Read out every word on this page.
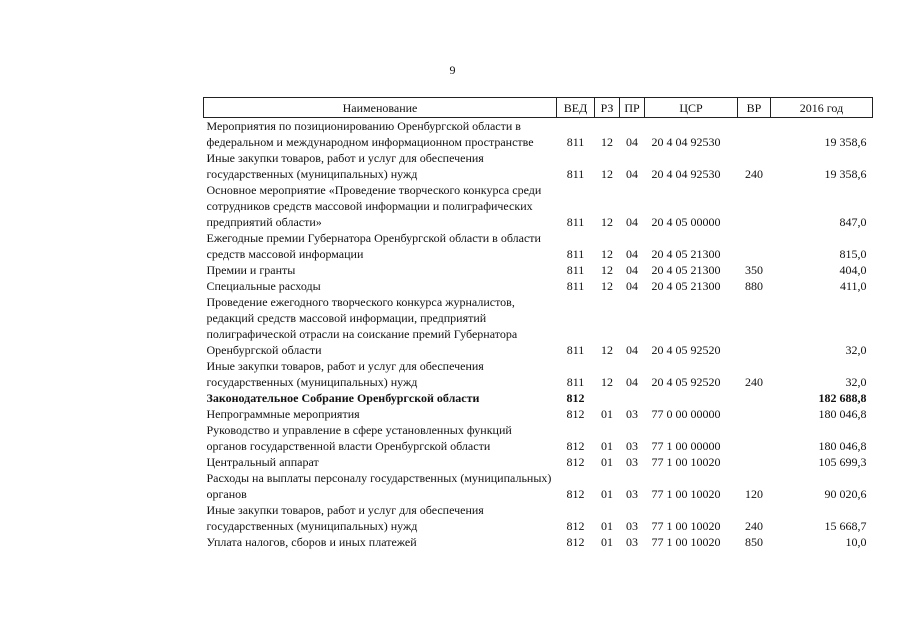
9
Наименование	ВЕД	РЗ	ПР	ЦСР	ВР	2016 год
Мероприятия по позиционированию Оренбургской области в федеральном и международном информационном пространстве	811	12	04	20 4 04 92530		19 358,6
Иные закупки товаров, работ и услуг для обеспечения государственных (муниципальных) нужд	811	12	04	20 4 04 92530	240	19 358,6
Основное мероприятие «Проведение творческого конкурса среди сотрудников средств массовой информации и полиграфических предприятий области»	811	12	04	20 4 05 00000		847,0
Ежегодные премии Губернатора Оренбургской области в области средств массовой информации	811	12	04	20 4 05 21300		815,0
Премии и гранты	811	12	04	20 4 05 21300	350	404,0
Специальные расходы	811	12	04	20 4 05 21300	880	411,0
Проведение ежегодного творческого конкурса журналистов, редакций средств массовой информации, предприятий полиграфической отрасли на соискание премий Губернатора Оренбургской области	811	12	04	20 4 05 92520		32,0
Иные закупки товаров, работ и услуг для обеспечения государственных (муниципальных) нужд	811	12	04	20 4 05 92520	240	32,0
Законодательное Собрание Оренбургской области	812					182 688,8
Непрограммные мероприятия	812	01	03	77 0 00 00000		180 046,8
Руководство и управление в сфере установленных функций органов государственной власти Оренбургской области	812	01	03	77 1 00 00000		180 046,8
Центральный аппарат	812	01	03	77 1 00 10020		105 699,3
Расходы на выплаты персоналу государственных (муниципальных) органов	812	01	03	77 1 00 10020	120	90 020,6
Иные закупки товаров, работ и услуг для обеспечения государственных (муниципальных) нужд	812	01	03	77 1 00 10020	240	15 668,7
Уплата налогов, сборов и иных платежей	812	01	03	77 1 00 10020	850	10,0
